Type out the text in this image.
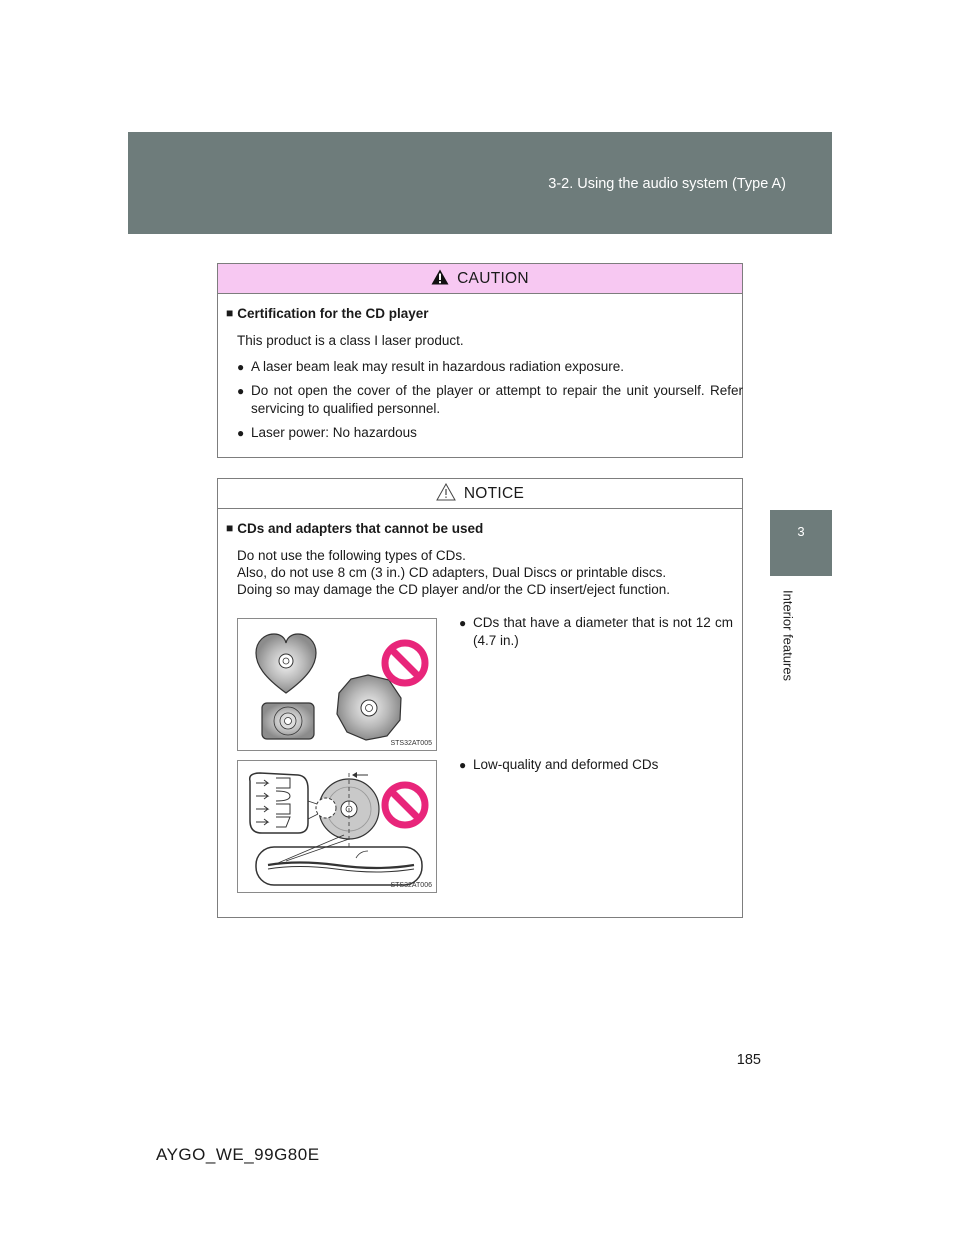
3-2. Using the audio system (Type A)
3
Interior features
CAUTION
■ Certification for the CD player
This product is a class I laser product.
● A laser beam leak may result in hazardous radiation exposure.
● Do not open the cover of the player or attempt to repair the unit yourself. Refer servicing to qualified personnel.
● Laser power: No hazardous
NOTICE
■ CDs and adapters that cannot be used
Do not use the following types of CDs.
Also, do not use 8 cm (3 in.) CD adapters, Dual Discs or printable discs.
Doing so may damage the CD player and/or the CD insert/eject function.
STS32AT005
● CDs that have a diameter that is not 12 cm (4.7 in.)
STS32AT006
● Low-quality and deformed CDs
185
AYGO_WE_99G80E
